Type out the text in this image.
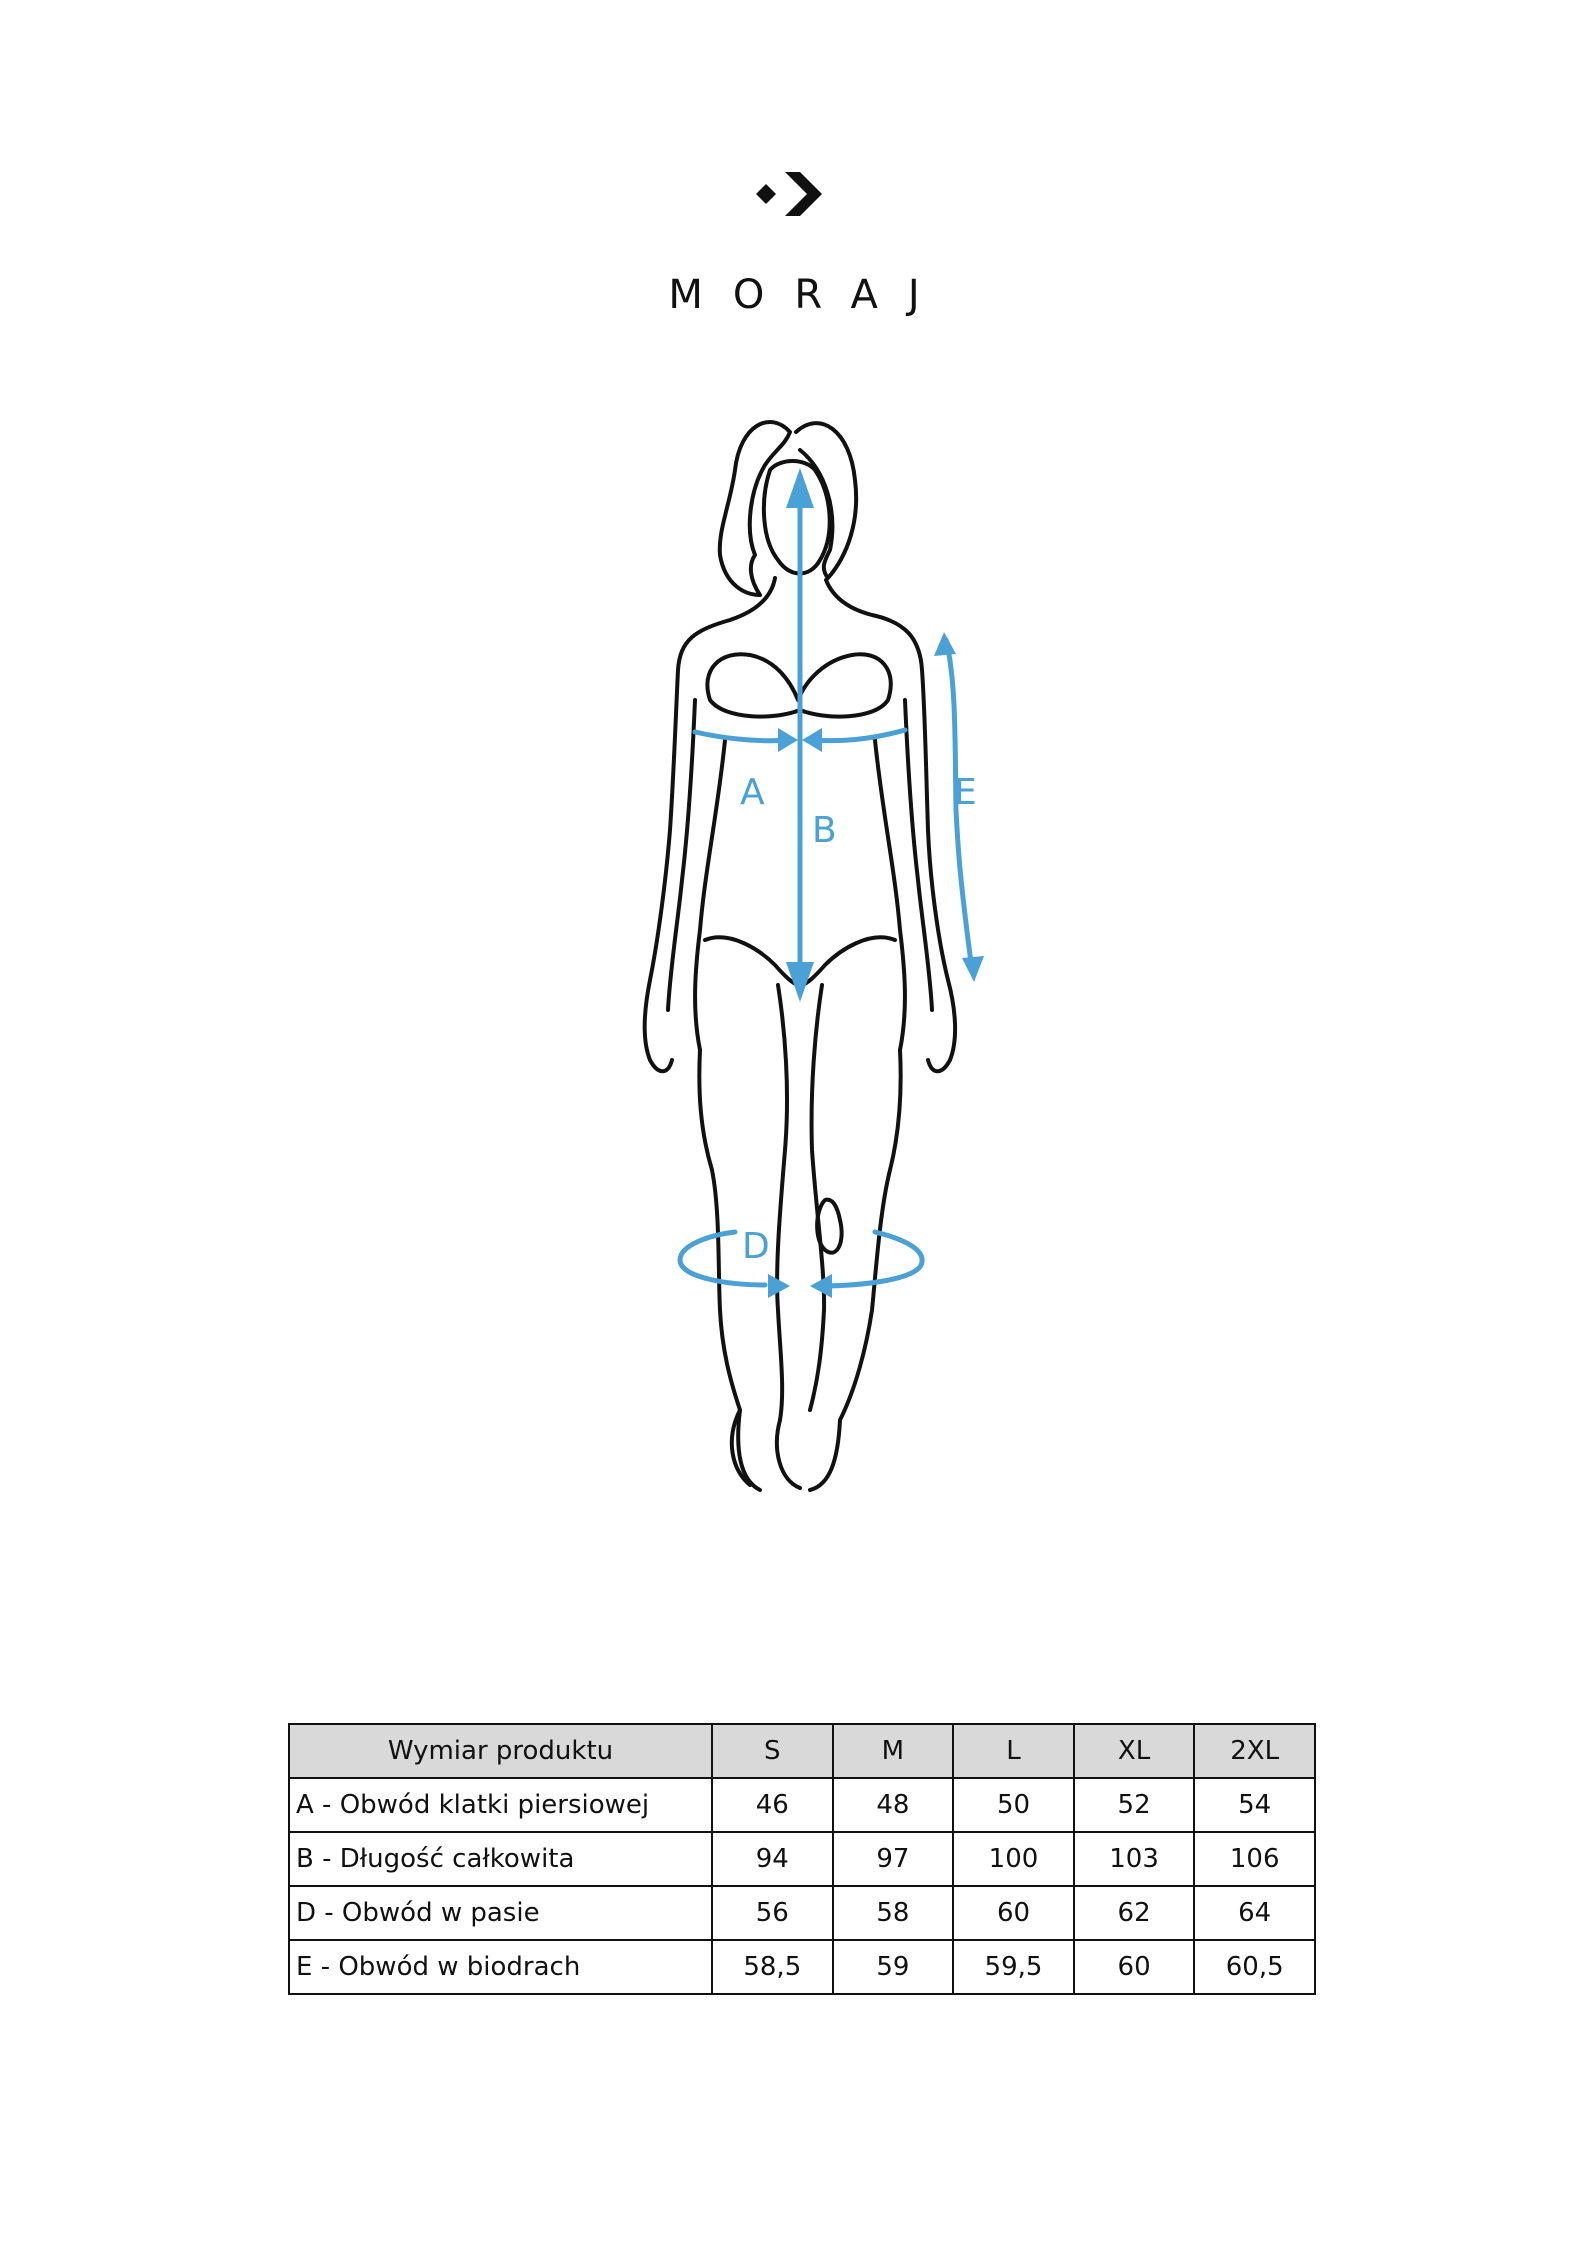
MORAJ
A
B
D
E
Wymiar produktu	S	M	L	XL	2XL
A - Obwód klatki piersiowej	46	48	50	52	54
B - Długość całkowita	94	97	100	103	106
D - Obwód w pasie	56	58	60	62	64
E - Obwód w biodrach	58,5	59	59,5	60	60,5
